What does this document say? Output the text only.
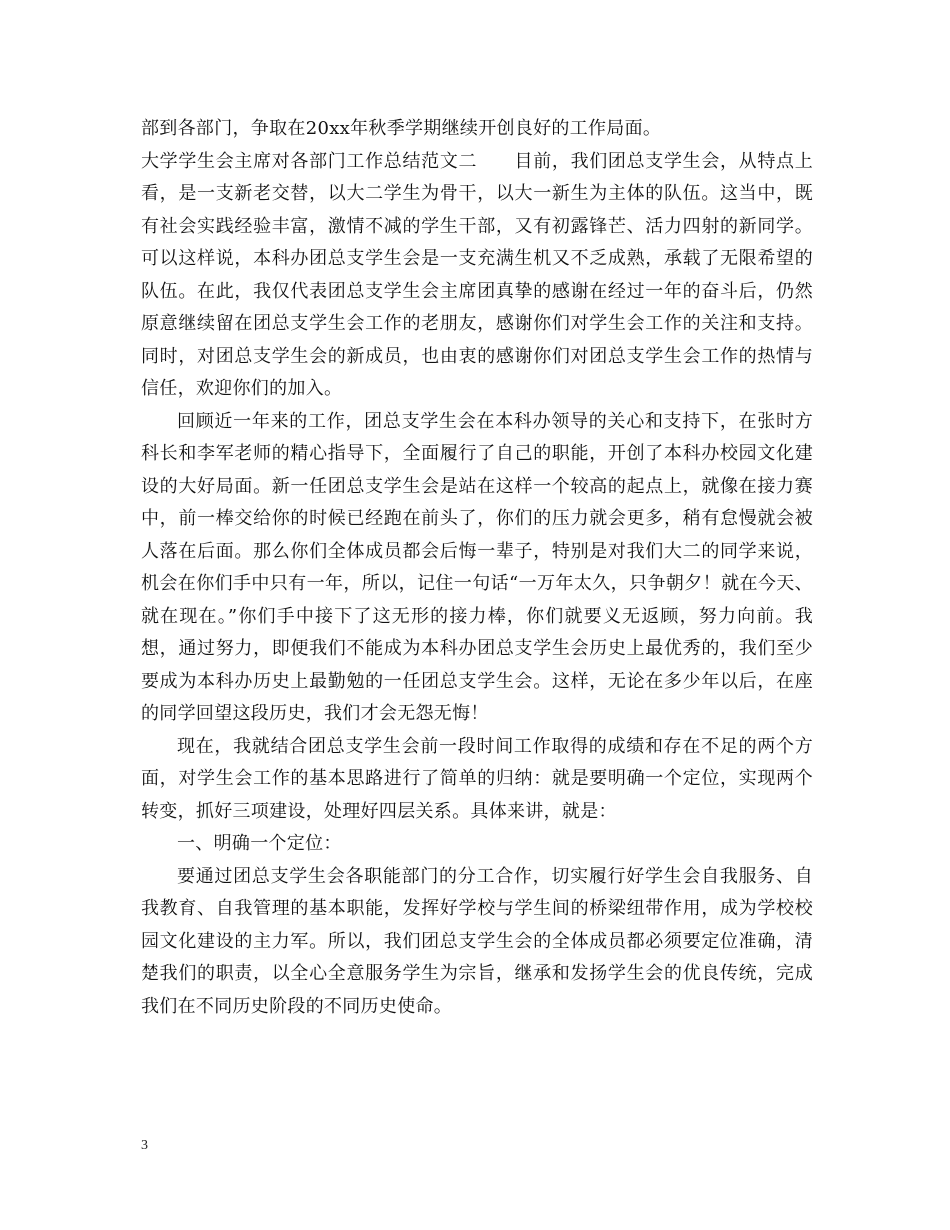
部到各部门，争取在20xx年秋季学期继续开创良好的工作局面。

大学学生会主席对各部门工作总结范文二　　目前，我们团总支学生会，从特点上看，是一支新老交替，以大二学生为骨干，以大一新生为主体的队伍。这当中，既有社会实践经验丰富，激情不减的学生干部，又有初露锋芒、活力四射的新同学。可以这样说，本科办团总支学生会是一支充满生机又不乏成熟，承载了无限希望的队伍。在此，我仅代表团总支学生会主席团真挚的感谢在经过一年的奋斗后，仍然原意继续留在团总支学生会工作的老朋友，感谢你们对学生会工作的关注和支持。同时，对团总支学生会的新成员，也由衷的感谢你们对团总支学生会工作的热情与信任，欢迎你们的加入。

回顾近一年来的工作，团总支学生会在本科办领导的关心和支持下，在张时方科长和李军老师的精心指导下，全面履行了自己的职能，开创了本科办校园文化建设的大好局面。新一任团总支学生会是站在这样一个较高的起点上，就像在接力赛中，前一棒交给你的时候已经跑在前头了，你们的压力就会更多，稍有怠慢就会被人落在后面。那么你们全体成员都会后悔一辈子，特别是对我们大二的同学来说，机会在你们手中只有一年，所以，记住一句话“一万年太久，只争朝夕！就在今天、就在现在。”你们手中接下了这无形的接力棒，你们就要义无返顾，努力向前。我想，通过努力，即便我们不能成为本科办团总支学生会历史上最优秀的，我们至少要成为本科办历史上最勤勉的一任团总支学生会。这样，无论在多少年以后，在座的同学回望这段历史，我们才会无怨无悔！

现在，我就结合团总支学生会前一段时间工作取得的成绩和存在不足的两个方面，对学生会工作的基本思路进行了简单的归纳：就是要明确一个定位，实现两个转变，抓好三项建设，处理好四层关系。具体来讲，就是：

一、明确一个定位：

要通过团总支学生会各职能部门的分工合作，切实履行好学生会自我服务、自我教育、自我管理的基本职能，发挥好学校与学生间的桥梁纽带作用，成为学校校园文化建设的主力军。所以，我们团总支学生会的全体成员都必须要定位准确，清楚我们的职责，以全心全意服务学生为宗旨，继承和发扬学生会的优良传统，完成我们在不同历史阶段的不同历史使命。

3
